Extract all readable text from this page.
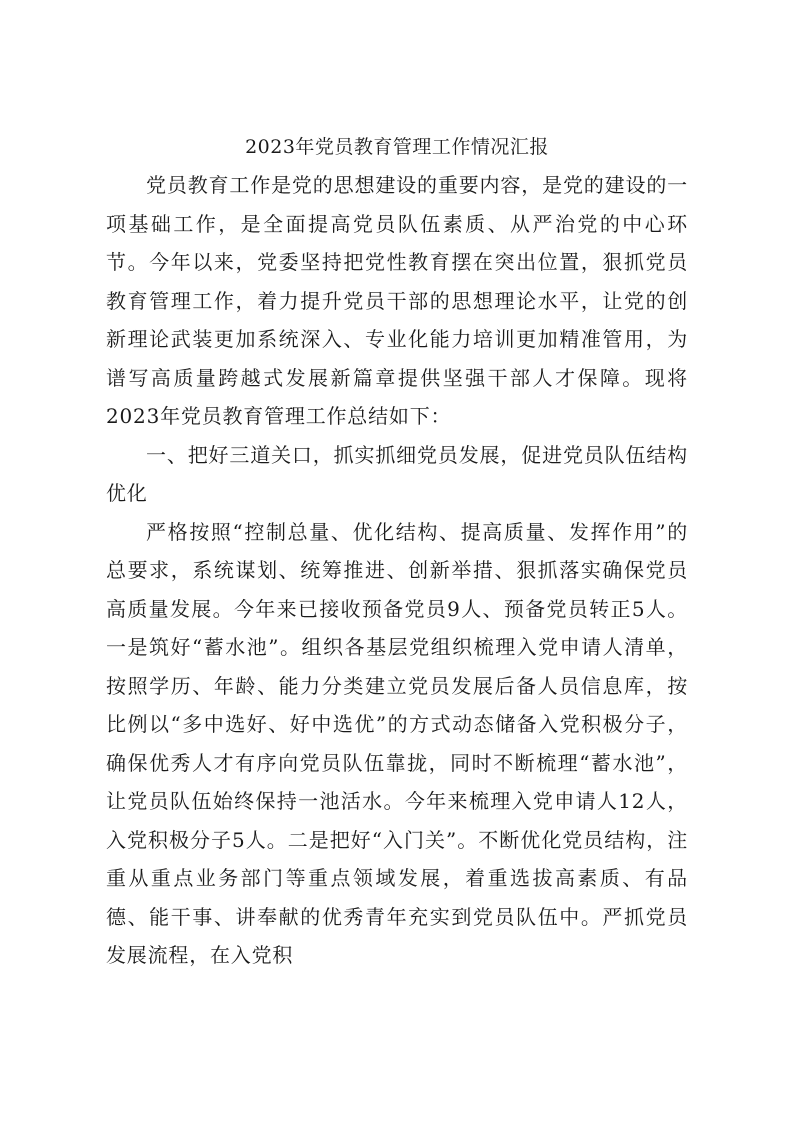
2023年党员教育管理工作情况汇报

党员教育工作是党的思想建设的重要内容，是党的建设的一项基础工作，是全面提高党员队伍素质、从严治党的中心环节。今年以来，党委坚持把党性教育摆在突出位置，狠抓党员教育管理工作，着力提升党员干部的思想理论水平，让党的创新理论武装更加系统深入、专业化能力培训更加精准管用，为谱写高质量跨越式发展新篇章提供坚强干部人才保障。现将2023年党员教育管理工作总结如下：

一、把好三道关口，抓实抓细党员发展，促进党员队伍结构优化

严格按照“控制总量、优化结构、提高质量、发挥作用”的总要求，系统谋划、统筹推进、创新举措、狠抓落实确保党员高质量发展。今年来已接收预备党员9人、预备党员转正5人。一是筑好“蓄水池”。组织各基层党组织梳理入党申请人清单，按照学历、年龄、能力分类建立党员发展后备人员信息库，按比例以“多中选好、好中选优”的方式动态储备入党积极分子，确保优秀人才有序向党员队伍靠拢，同时不断梳理“蓄水池”，让党员队伍始终保持一池活水。今年来梳理入党申请人12人，入党积极分子5人。二是把好“入门关”。不断优化党员结构，注重从重点业务部门等重点领域发展，着重选拔高素质、有品德、能干事、讲奉献的优秀青年充实到党员队伍中。严抓党员发展流程，在入党积
